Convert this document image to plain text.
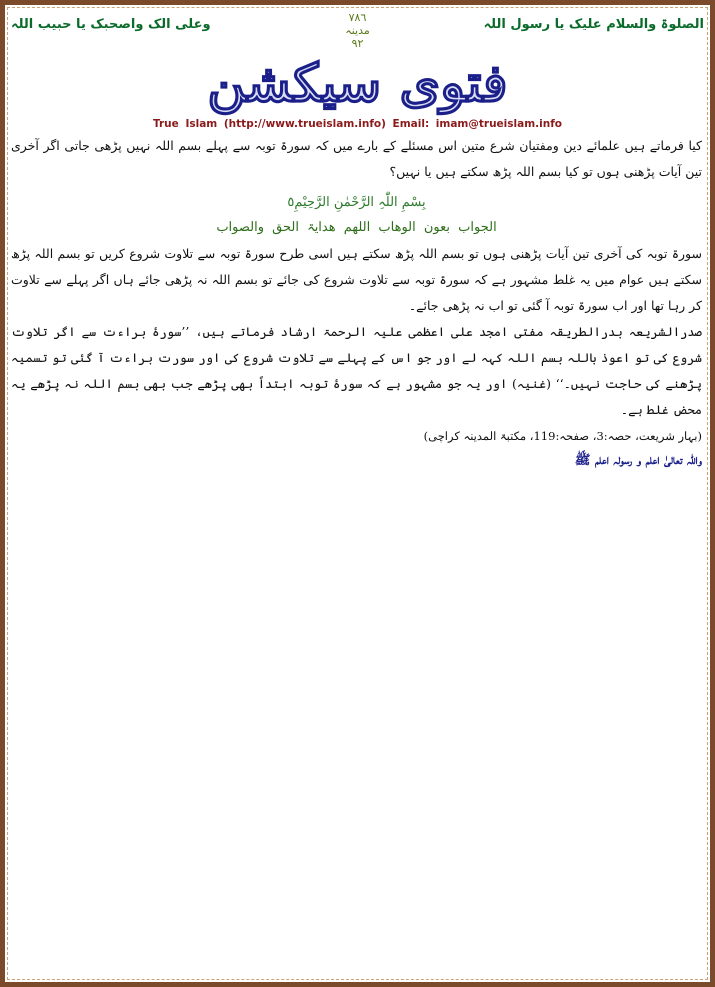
الصلوۃ والسلام علیک یا رسول اللہ
٧٨٦
مدینہ
٩٢
وعلی الک واصحبک یا حبیب اللہ
فتوی سیکشن
True Islam (http://www.trueislam.info) Email: imam@trueislam.info

کیا فرماتے ہیں علمائے دین ومفتیان شرع متین اس مسئلے کے بارے میں کہ سورۃ توبہ سے پہلے بسم اللہ نہیں پڑھی جاتی اگر آخری تین آیات پڑھنی ہوں تو کیا بسم اللہ پڑھ سکتے ہیں یا نہیں؟

بِسْمِ اللّٰہِ الرَّحْمٰنِ الرَّحِیْمِ٥
الجواب بعون الوھاب اللھم ھدایۃ الحق والصواب

سورۃ توبہ کی آخری تین آیات پڑھنی ہوں تو بسم اللہ پڑھ سکتے ہیں اسی طرح سورۃ توبہ سے تلاوت شروع کریں تو بسم اللہ پڑھ سکتے ہیں عوام میں یہ غلط مشہور ہے کہ سورۃ توبہ سے تلاوت شروع کی جائے تو بسم اللہ نہ پڑھی جائے ہاں اگر پہلے سے تلاوت کر رہا تھا اور اب سورۃ توبہ آ گئی تو اب نہ پڑھی جائے۔

صدرالشریعہ بدرالطریقہ مفتی امجد علی اعظمی علیہ الرحمۃ ارشاد فرماتے ہیں، ’’سورۂ براءت سے اگر تلاوت شروع کی تو اعوذ باللہ بسم اللہ کہہ لے اور جو اس کے پہلے سے تلاوت شروع کی اور سورت براءت آ گئی تو تسمیہ پڑھنے کی حاجت نہیں۔‘‘ (غنیہ) اور یہ جو مشہور ہے کہ سورۂ توبہ ابتداً بھی پڑھے جب بھی بسم اللہ نہ پڑھے یہ محض غلط ہے۔

(بہار شریعت، حصہ:3، صفحہ:119، مکتبۃ المدینہ کراچی)

واللہ تعالیٰ اعلم و رسولہ اعلم ﷺ
